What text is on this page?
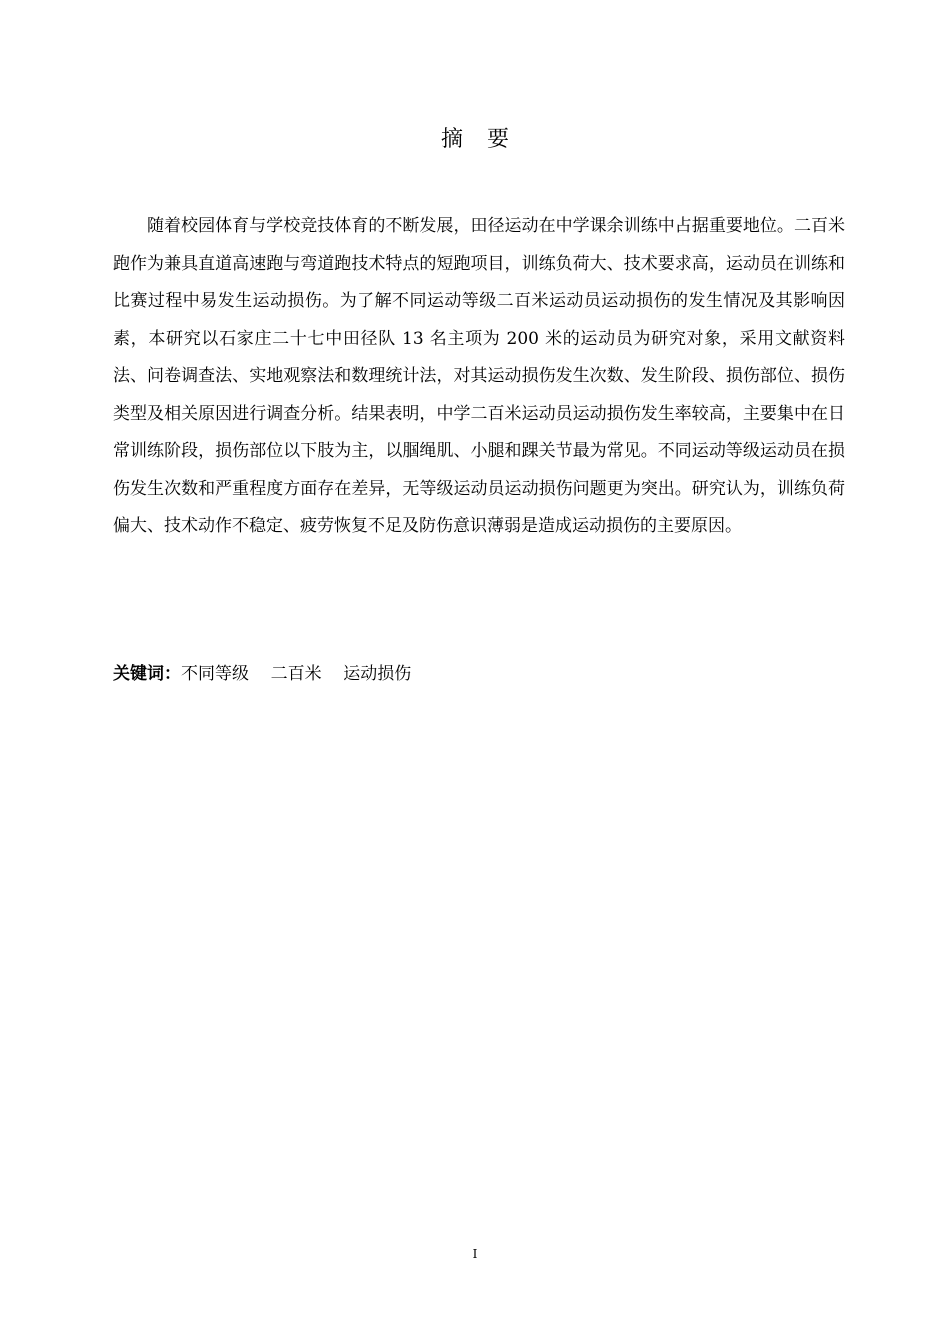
摘要
随着校园体育与学校竞技体育的不断发展，田径运动在中学课余训练中占据重要地位。二百米跑作为兼具直道高速跑与弯道跑技术特点的短跑项目，训练负荷大、技术要求高，运动员在训练和比赛过程中易发生运动损伤。为了解不同运动等级二百米运动员运动损伤的发生情况及其影响因素，本研究以石家庄二十七中田径队 13 名主项为 200 米的运动员为研究对象，采用文献资料法、问卷调查法、实地观察法和数理统计法，对其运动损伤发生次数、发生阶段、损伤部位、损伤类型及相关原因进行调查分析。结果表明，中学二百米运动员运动损伤发生率较高，主要集中在日常训练阶段，损伤部位以下肢为主，以腘绳肌、小腿和踝关节最为常见。不同运动等级运动员在损伤发生次数和严重程度方面存在差异，无等级运动员运动损伤问题更为突出。研究认为，训练负荷偏大、技术动作不稳定、疲劳恢复不足及防伤意识薄弱是造成运动损伤的主要原因。
关键词：不同等级    二百米    运动损伤
I
